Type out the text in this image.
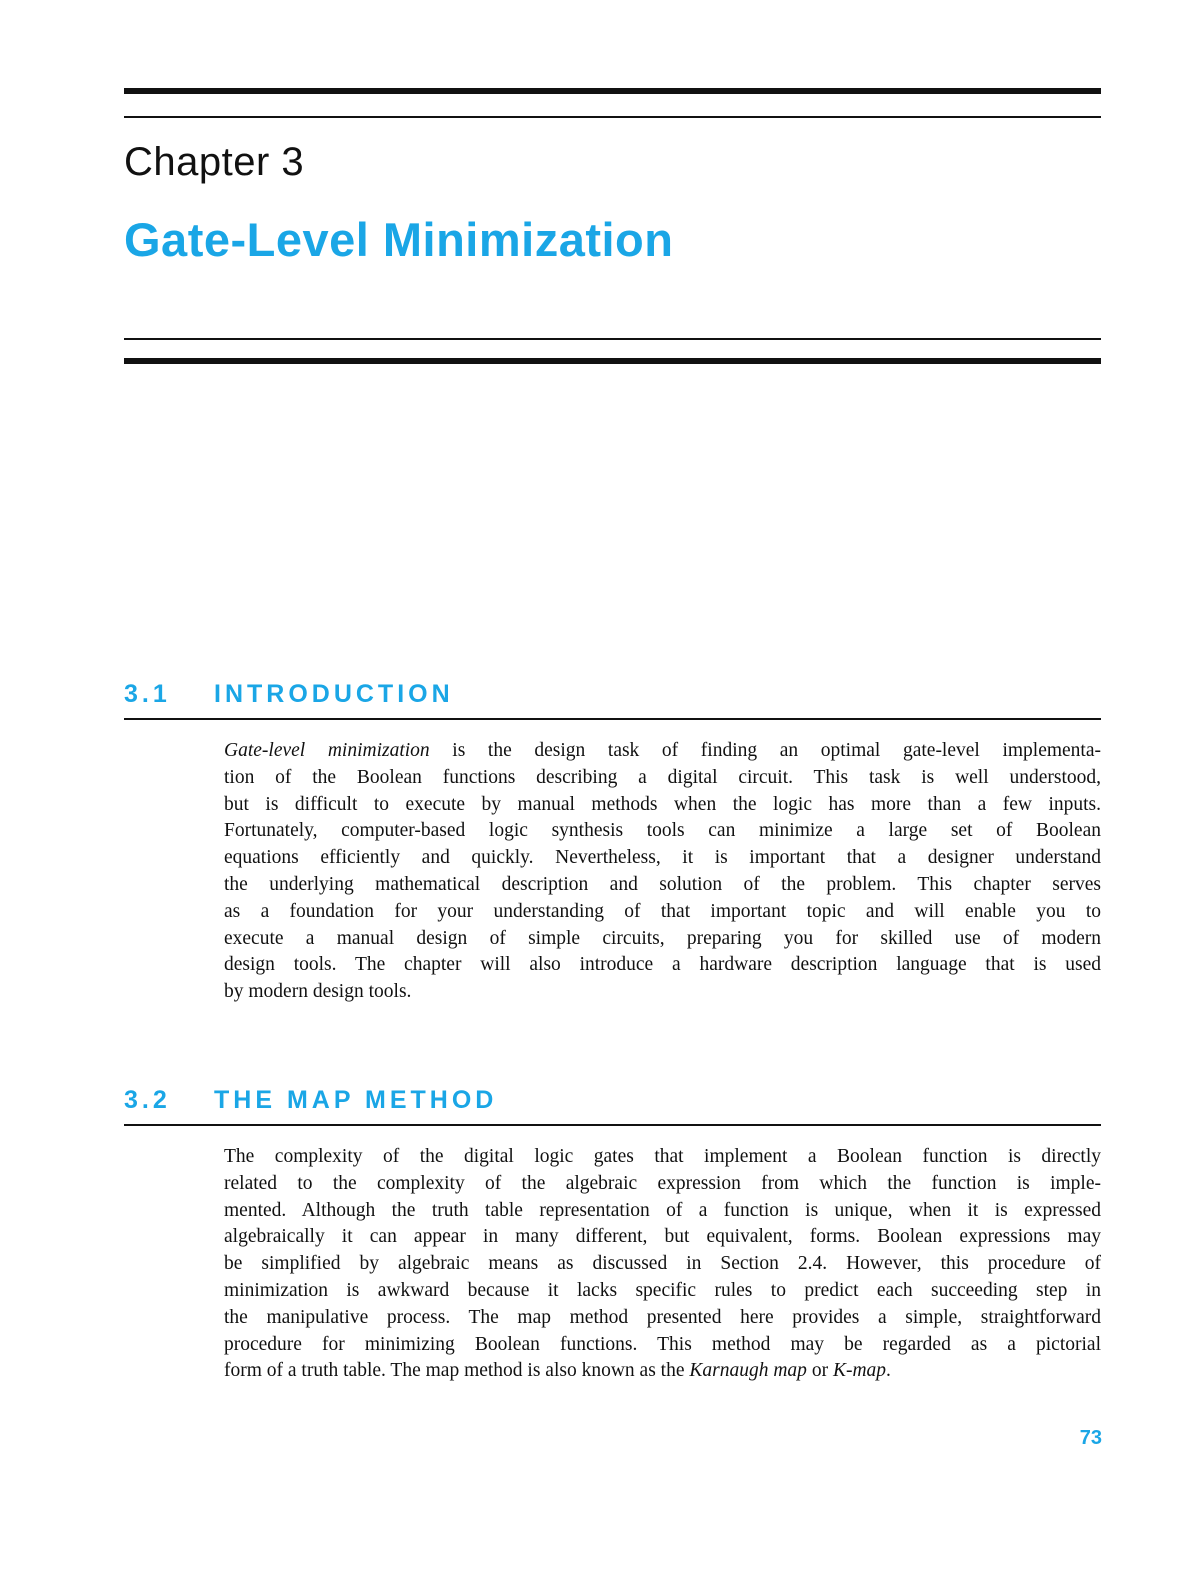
Chapter 3
Gate-Level Minimization
3.1 INTRODUCTION
Gate-level minimization is the design task of finding an optimal gate-level implementa-
tion of the Boolean functions describing a digital circuit. This task is well understood,
but is difficult to execute by manual methods when the logic has more than a few inputs.
Fortunately, computer-based logic synthesis tools can minimize a large set of Boolean
equations efficiently and quickly. Nevertheless, it is important that a designer understand
the underlying mathematical description and solution of the problem. This chapter serves
as a foundation for your understanding of that important topic and will enable you to
execute a manual design of simple circuits, preparing you for skilled use of modern
design tools. The chapter will also introduce a hardware description language that is used
by modern design tools.
3.2 THE MAP METHOD
The complexity of the digital logic gates that implement a Boolean function is directly
related to the complexity of the algebraic expression from which the function is imple-
mented. Although the truth table representation of a function is unique, when it is expressed
algebraically it can appear in many different, but equivalent, forms. Boolean expressions may
be simplified by algebraic means as discussed in Section 2.4. However, this procedure of
minimization is awkward because it lacks specific rules to predict each succeeding step in
the manipulative process. The map method presented here provides a simple, straightforward
procedure for minimizing Boolean functions. This method may be regarded as a pictorial
form of a truth table. The map method is also known as the Karnaugh map or K-map.
73
